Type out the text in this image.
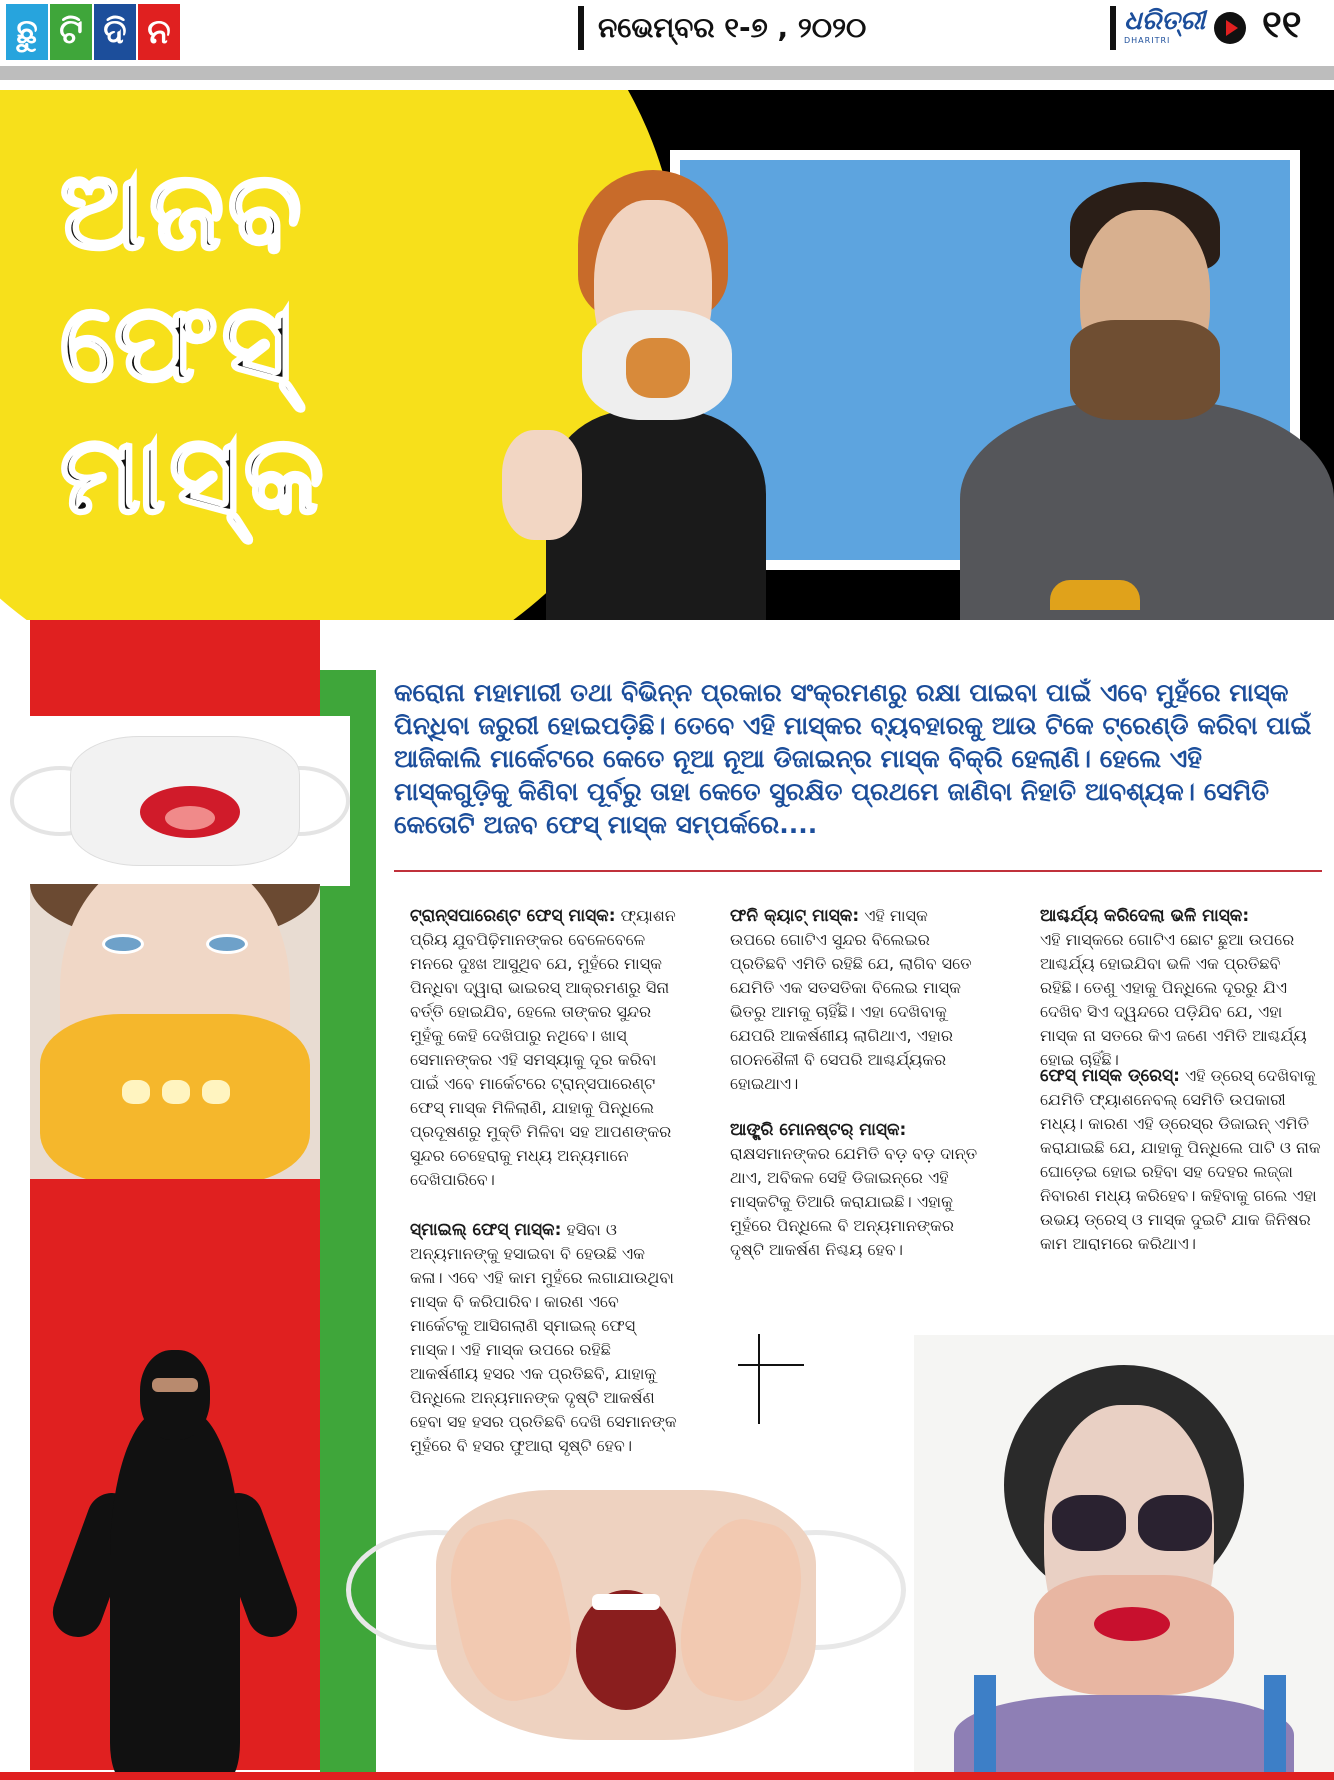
ଛୁ ଟି ଦି ନ	ନଭେମ୍ବର ୧-୭ , ୨୦୨୦	ଧରିତ୍ରୀ
DHARITRI	୧୧
ଅଜବ
ଫେସ୍
ମାସ୍କ
କରୋନା ମହାମାରୀ ତଥା ବିଭିନ୍ନ ପ୍ରକାର ସଂକ୍ରମଣରୁ ରକ୍ଷା ପାଇବା ପାଇଁ ଏବେ ମୁହଁରେ ମାସ୍କ ପିନ୍ଧିବା ଜରୁରୀ ହୋଇପଡ଼ିଛି। ତେବେ ଏହି ମାସ୍କର ବ୍ୟବହାରକୁ ଆଉ ଟିକେ ଟ୍ରେଣ୍ଡି କରିବା ପାଇଁ ଆଜିକାଲି ମାର୍କେଟରେ କେତେ ନୂଆ ନୂଆ ଡିଜାଇନ୍‌ର ମାସ୍କ ବିକ୍ରି ହେଲାଣି। ହେଲେ ଏହି ମାସ୍କଗୁଡ଼ିକୁ କିଣିବା ପୂର୍ବରୁ ତାହା କେତେ ସୁରକ୍ଷିତ ପ୍ରଥମେ ଜାଣିବା ନିହାତି ଆବଶ୍ୟକ। ସେମିତି କେତୋଟି ଅଜବ ଫେସ୍ ମାସ୍କ ସମ୍ପର୍କରେ....

ଟ୍ରାନ୍ସପାରେଣ୍ଟ ଫେସ୍ ମାସ୍କ: ଫ୍ୟାଶନ ପ୍ରିୟ ଯୁବପିଢ଼ିମାନଙ୍କର ବେଳେବେଳେ ମନରେ ଦୁଃଖ ଆସୁଥିବ ଯେ, ମୁହଁରେ ମାସ୍କ ପିନ୍ଧିବା ଦ୍ୱାରା ଭାଇରସ୍ ଆକ୍ରମଣରୁ ସିନା ବର୍ତ୍ତି ହୋଇଯିବ, ହେଲେ ତାଙ୍କର ସୁନ୍ଦର ମୁହଁକୁ କେହି ଦେଖିପାରୁ ନଥିବେ। ଖାସ୍ ସେମାନଙ୍କର ଏହି ସମସ୍ୟାକୁ ଦୂର କରିବା ପାଇଁ ଏବେ ମାର୍କେଟରେ ଟ୍ରାନ୍ସପାରେଣ୍ଟ ଫେସ୍ ମାସ୍କ ମିଳିଲାଣି, ଯାହାକୁ ପିନ୍ଧିଲେ ପ୍ରଦୂଷଣରୁ ମୁକ୍ତି ମିଳିବା ସହ ଆପଣଙ୍କର ସୁନ୍ଦର ଚେହେରାକୁ ମଧ୍ୟ ଅନ୍ୟମାନେ ଦେଖିପାରିବେ।

ସ୍ମାଇଲ୍ ଫେସ୍ ମାସ୍କ: ହସିବା ଓ ଅନ୍ୟମାନଙ୍କୁ ହସାଇବା ବି ହେଉଛି ଏକ କଳା। ଏବେ ଏହି କାମ ମୁହଁରେ ଲଗାଯାଉଥିବା ମାସ୍କ ବି କରିପାରିବ। କାରଣ ଏବେ ମାର୍କେଟକୁ ଆସିଗଲାଣି ସ୍ମାଇଲ୍ ଫେସ୍ ମାସ୍କ। ଏହି ମାସ୍କ ଉପରେ ରହିଛି ଆକର୍ଷଣୀୟ ହସର ଏକ ପ୍ରତିଛବି, ଯାହାକୁ ପିନ୍ଧିଲେ ଅନ୍ୟମାନଙ୍କ ଦୃଷ୍ଟି ଆକର୍ଷଣ ହେବା ସହ ହସର ପ୍ରତିଛବି ଦେଖି ସେମାନଙ୍କ ମୁହଁରେ ବି ହସର ଫୁଆରା ସୃଷ୍ଟି ହେବ।

ଫନି କ୍ୟାଟ୍ ମାସ୍କ: ଏହି ମାସ୍କ ଉପରେ ଗୋଟିଏ ସୁନ୍ଦର ବିଲେଇର ପ୍ରତିଛବି ଏମିତି ରହିଛି ଯେ, ଲାଗିବ ସତେ ଯେମିତି ଏକ ସତସତିକା ବିଲେଇ ମାସ୍କ ଭିତରୁ ଆମକୁ ଚାହିଁଛି। ଏହା ଦେଖିବାକୁ ଯେପରି ଆକର୍ଷଣୀୟ ଲାଗିଥାଏ, ଏହାର ଗଠନଶୈଳୀ ବି ସେପରି ଆଶ୍ଚର୍ଯ୍ୟକର ହୋଇଥାଏ।

ଆଙ୍ଗ୍ରି ମୋନଷ୍ଟର୍ ମାସ୍କ:
ରାକ୍ଷସମାନଙ୍କର ଯେମିତି ବଡ଼ ବଡ଼ ଦାନ୍ତ ଥାଏ, ଅବିକଳ ସେହି ଡିଜାଇନ୍‌ରେ ଏହି ମାସ୍କଟିକୁ ତିଆରି କରାଯାଇଛି। ଏହାକୁ ମୁହଁରେ ପିନ୍ଧିଲେ ବି ଅନ୍ୟମାନଙ୍କର ଦୃଷ୍ଟି ଆକର୍ଷଣ ନିଶ୍ଚୟ ହେବ।

ଆଶ୍ଚର୍ଯ୍ୟ କରିଦେଲା ଭଳି ମାସ୍କ:
ଏହି ମାସ୍କରେ ଗୋଟିଏ ଛୋଟ ଛୁଆ ଉପରେ ଆଶ୍ଚର୍ଯ୍ୟ ହୋଇଯିବା ଭଳି ଏକ ପ୍ରତିଛବି ରହିଛି। ତେଣୁ ଏହାକୁ ପିନ୍ଧିଲେ ଦୂରରୁ ଯିଏ ଦେଖିବ ସିଏ ଦ୍ୱନ୍ଦରେ ପଡ଼ିଯିବ ଯେ, ଏହା ମାସ୍କ ନା ସତରେ କିଏ ଜଣେ ଏମିତି ଆଶ୍ଚର୍ଯ୍ୟ ହୋଇ ଚାହିଁଛି।

ଫେସ୍ ମାସ୍କ ଡ୍ରେସ୍: ଏହି ଡ୍ରେସ୍ ଦେଖିବାକୁ ଯେମିତି ଫ୍ୟାଶନେବଲ୍ ସେମିତି ଉପକାରୀ ମଧ୍ୟ। କାରଣ ଏହି ଡ୍ରେସ୍‌ର ଡିଜାଇନ୍ ଏମିତି କରାଯାଇଛି ଯେ, ଯାହାକୁ ପିନ୍ଧିଲେ ପାଟି ଓ ନାକ ଘୋଡ଼େଇ ହୋଇ ରହିବା ସହ ଦେହର ଲଜ୍ଜା ନିବାରଣ ମଧ୍ୟ କରିହେବ। କହିବାକୁ ଗଲେ ଏହା ଉଭୟ ଡ୍ରେସ୍ ଓ ମାସ୍କ ଦୁଇଟି ଯାକ ଜିନିଷର କାମ ଆରାମରେ କରିଥାଏ।
